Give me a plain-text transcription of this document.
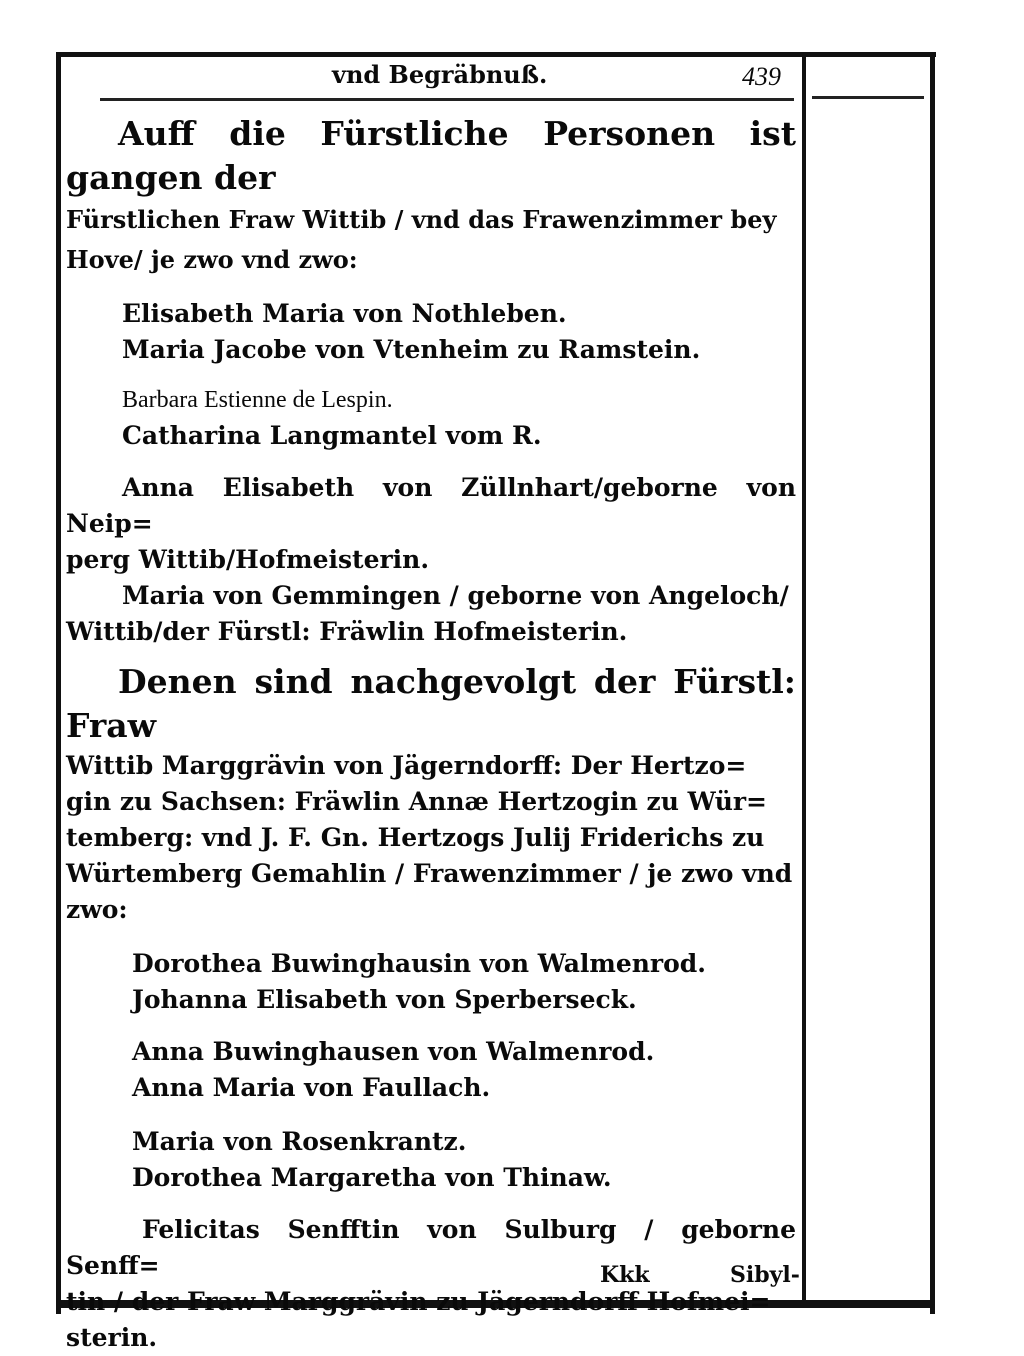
vnd Begräbnuß.	439

Auff die Fürstliche Personen ist gangen der

Fürstlichen Fraw Wittib / vnd das Frawenzimmer bey

Hove/ je zwo vnd zwo:

Elisabeth Maria von Nothleben.

Maria Jacobe von Vtenheim zu Ramstein.

Barbara Estienne de Lespin.

Catharina Langmantel vom R.

Anna Elisabeth von Züllnhart/geborne von Neip=

perg Wittib/Hofmeisterin.

Maria von Gemmingen / geborne von Angeloch/

Wittib/der Fürstl: Fräwlin Hofmeisterin.

Denen sind nachgevolgt der Fürstl: Fraw

Wittib Marggrävin von Jägerndorff: Der Hertzo=

gin zu Sachsen: Fräwlin Annæ Hertzogin zu Wür=

temberg: vnd J. F. Gn. Hertzogs Julij Friderichs zu

Würtemberg Gemahlin / Frawenzimmer / je zwo vnd

zwo:

Dorothea Buwinghausin von Walmenrod.

Johanna Elisabeth von Sperberseck.

Anna Buwinghausen von Walmenrod.

Anna Maria von Faullach.

Maria von Rosenkrantz.

Dorothea Margaretha von Thinaw.

Felicitas Senfftin von Sulburg / geborne Senff=

tin / der Fraw Marggrävin zu Jägerndorff Hofmei=

sterin.

Kkk	Sibyl-
